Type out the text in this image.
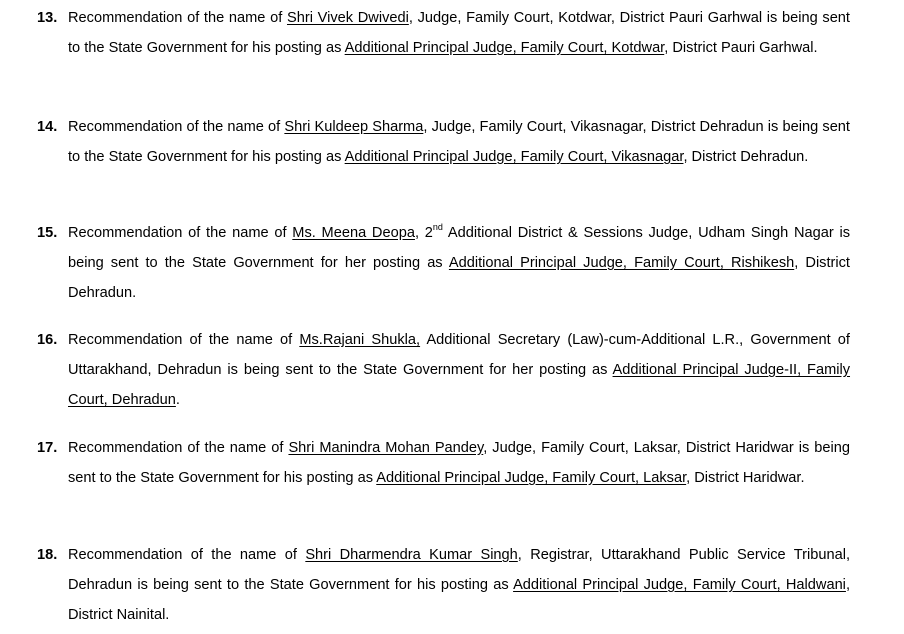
13. Recommendation of the name of Shri Vivek Dwivedi, Judge, Family Court, Kotdwar, District Pauri Garhwal is being sent to the State Government for his posting as Additional Principal Judge, Family Court, Kotdwar, District Pauri Garhwal.
14. Recommendation of the name of Shri Kuldeep Sharma, Judge, Family Court, Vikasnagar, District Dehradun is being sent to the State Government for his posting as Additional Principal Judge, Family Court, Vikasnagar, District Dehradun.
15. Recommendation of the name of Ms. Meena Deopa, 2nd Additional District & Sessions Judge, Udham Singh Nagar is being sent to the State Government for her posting as Additional Principal Judge, Family Court, Rishikesh, District Dehradun.
16. Recommendation of the name of Ms.Rajani Shukla, Additional Secretary (Law)-cum-Additional L.R., Government of Uttarakhand, Dehradun is being sent to the State Government for her posting as Additional Principal Judge-II, Family Court, Dehradun.
17. Recommendation of the name of Shri Manindra Mohan Pandey, Judge, Family Court, Laksar, District Haridwar is being sent to the State Government for his posting as Additional Principal Judge, Family Court, Laksar, District Haridwar.
18. Recommendation of the name of Shri Dharmendra Kumar Singh, Registrar, Uttarakhand Public Service Tribunal, Dehradun is being sent to the State Government for his posting as Additional Principal Judge, Family Court, Haldwani, District Nainital.
